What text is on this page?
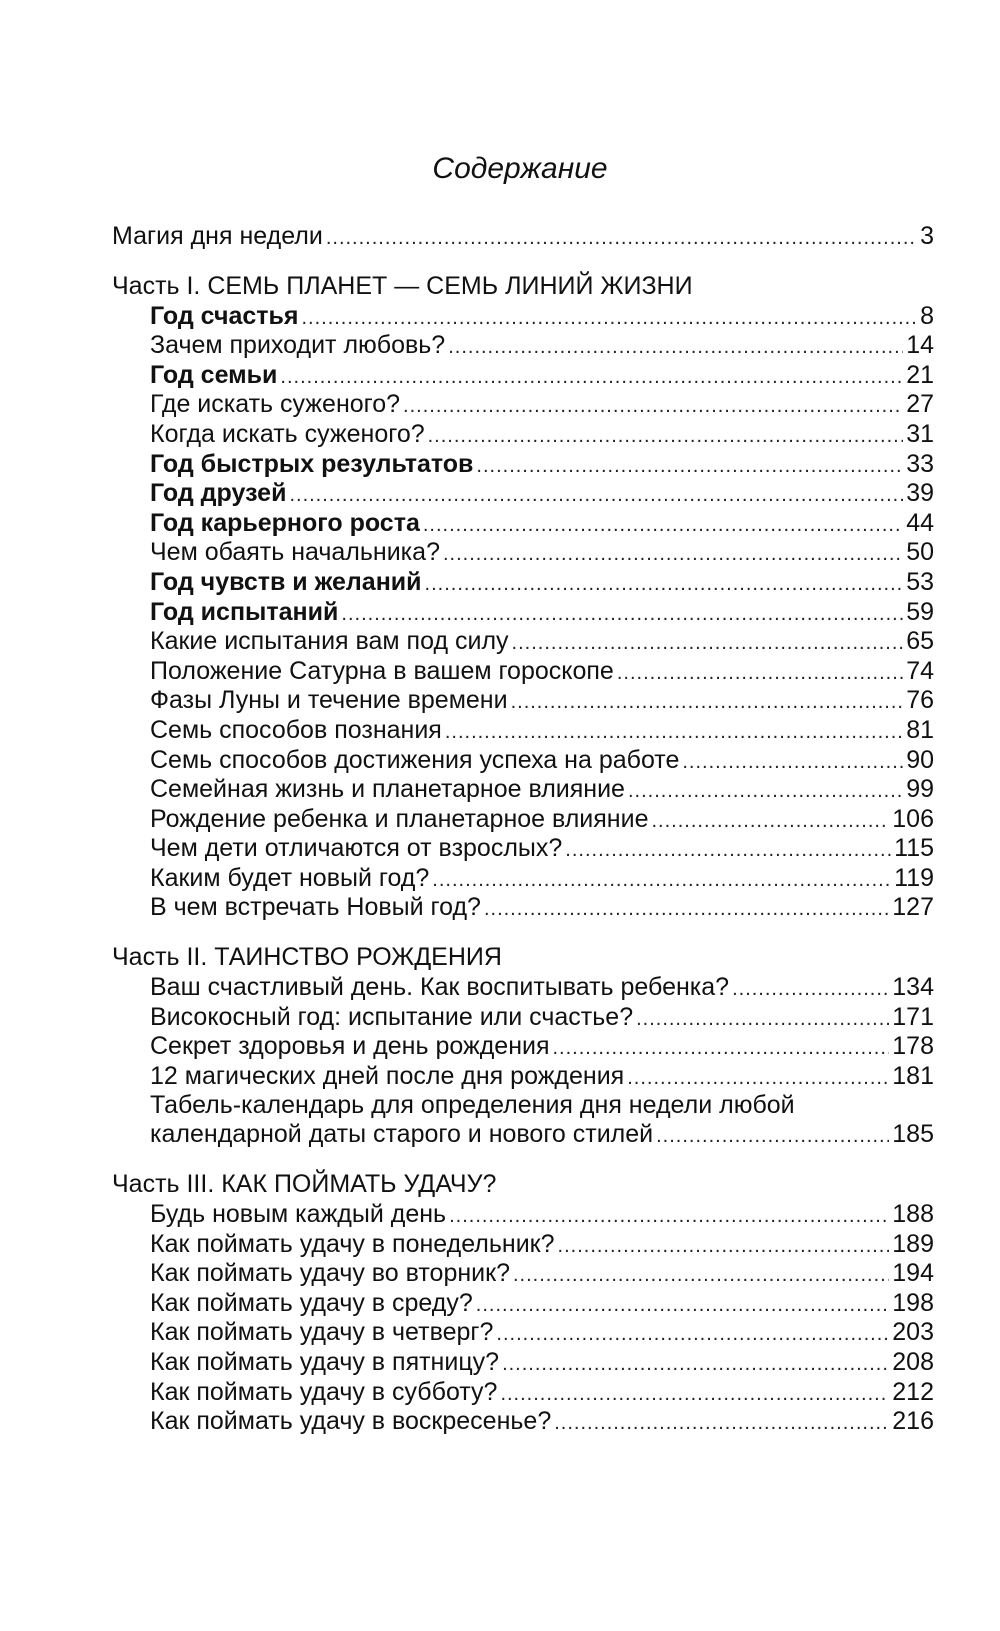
Содержание
Магия дня недели .....	3
Часть I. СЕМЬ ПЛАНЕТ — СЕМЬ ЛИНИЙ ЖИЗНИ
Год счастья .....	8
Зачем приходит любовь? .....	14
Год семьи .....	21
Где искать суженого? .....	27
Когда искать суженого? .....	31
Год быстрых результатов .....	33
Год друзей .....	39
Год карьерного роста .....	44
Чем обаять начальника? .....	50
Год чувств и желаний .....	53
Год испытаний .....	59
Какие испытания вам под силу .....	65
Положение Сатурна в вашем гороскопе .....	74
Фазы Луны и течение времени .....	76
Семь способов познания .....	81
Семь способов достижения успеха на работе .....	90
Семейная жизнь и планетарное влияние .....	99
Рождение ребенка и планетарное влияние .....	106
Чем дети отличаются от взрослых? .....	115
Каким будет новый год? .....	119
В чем встречать Новый год? .....	127
Часть II. ТАИНСТВО РОЖДЕНИЯ
Ваш счастливый день. Как воспитывать ребенка? .....	134
Високосный год: испытание или счастье? .....	171
Секрет здоровья и день рождения .....	178
12 магических дней после дня рождения .....	181
Табель-календарь для определения дня недели любой
календарной даты старого и нового стилей .....	185
Часть III. КАК ПОЙМАТЬ УДАЧУ?
Будь новым каждый день .....	188
Как поймать удачу в понедельник? .....	189
Как поймать удачу во вторник? .....	194
Как поймать удачу в среду? .....	198
Как поймать удачу в четверг? .....	203
Как поймать удачу в пятницу? .....	208
Как поймать удачу в субботу? .....	212
Как поймать удачу в воскресенье? .....	216
